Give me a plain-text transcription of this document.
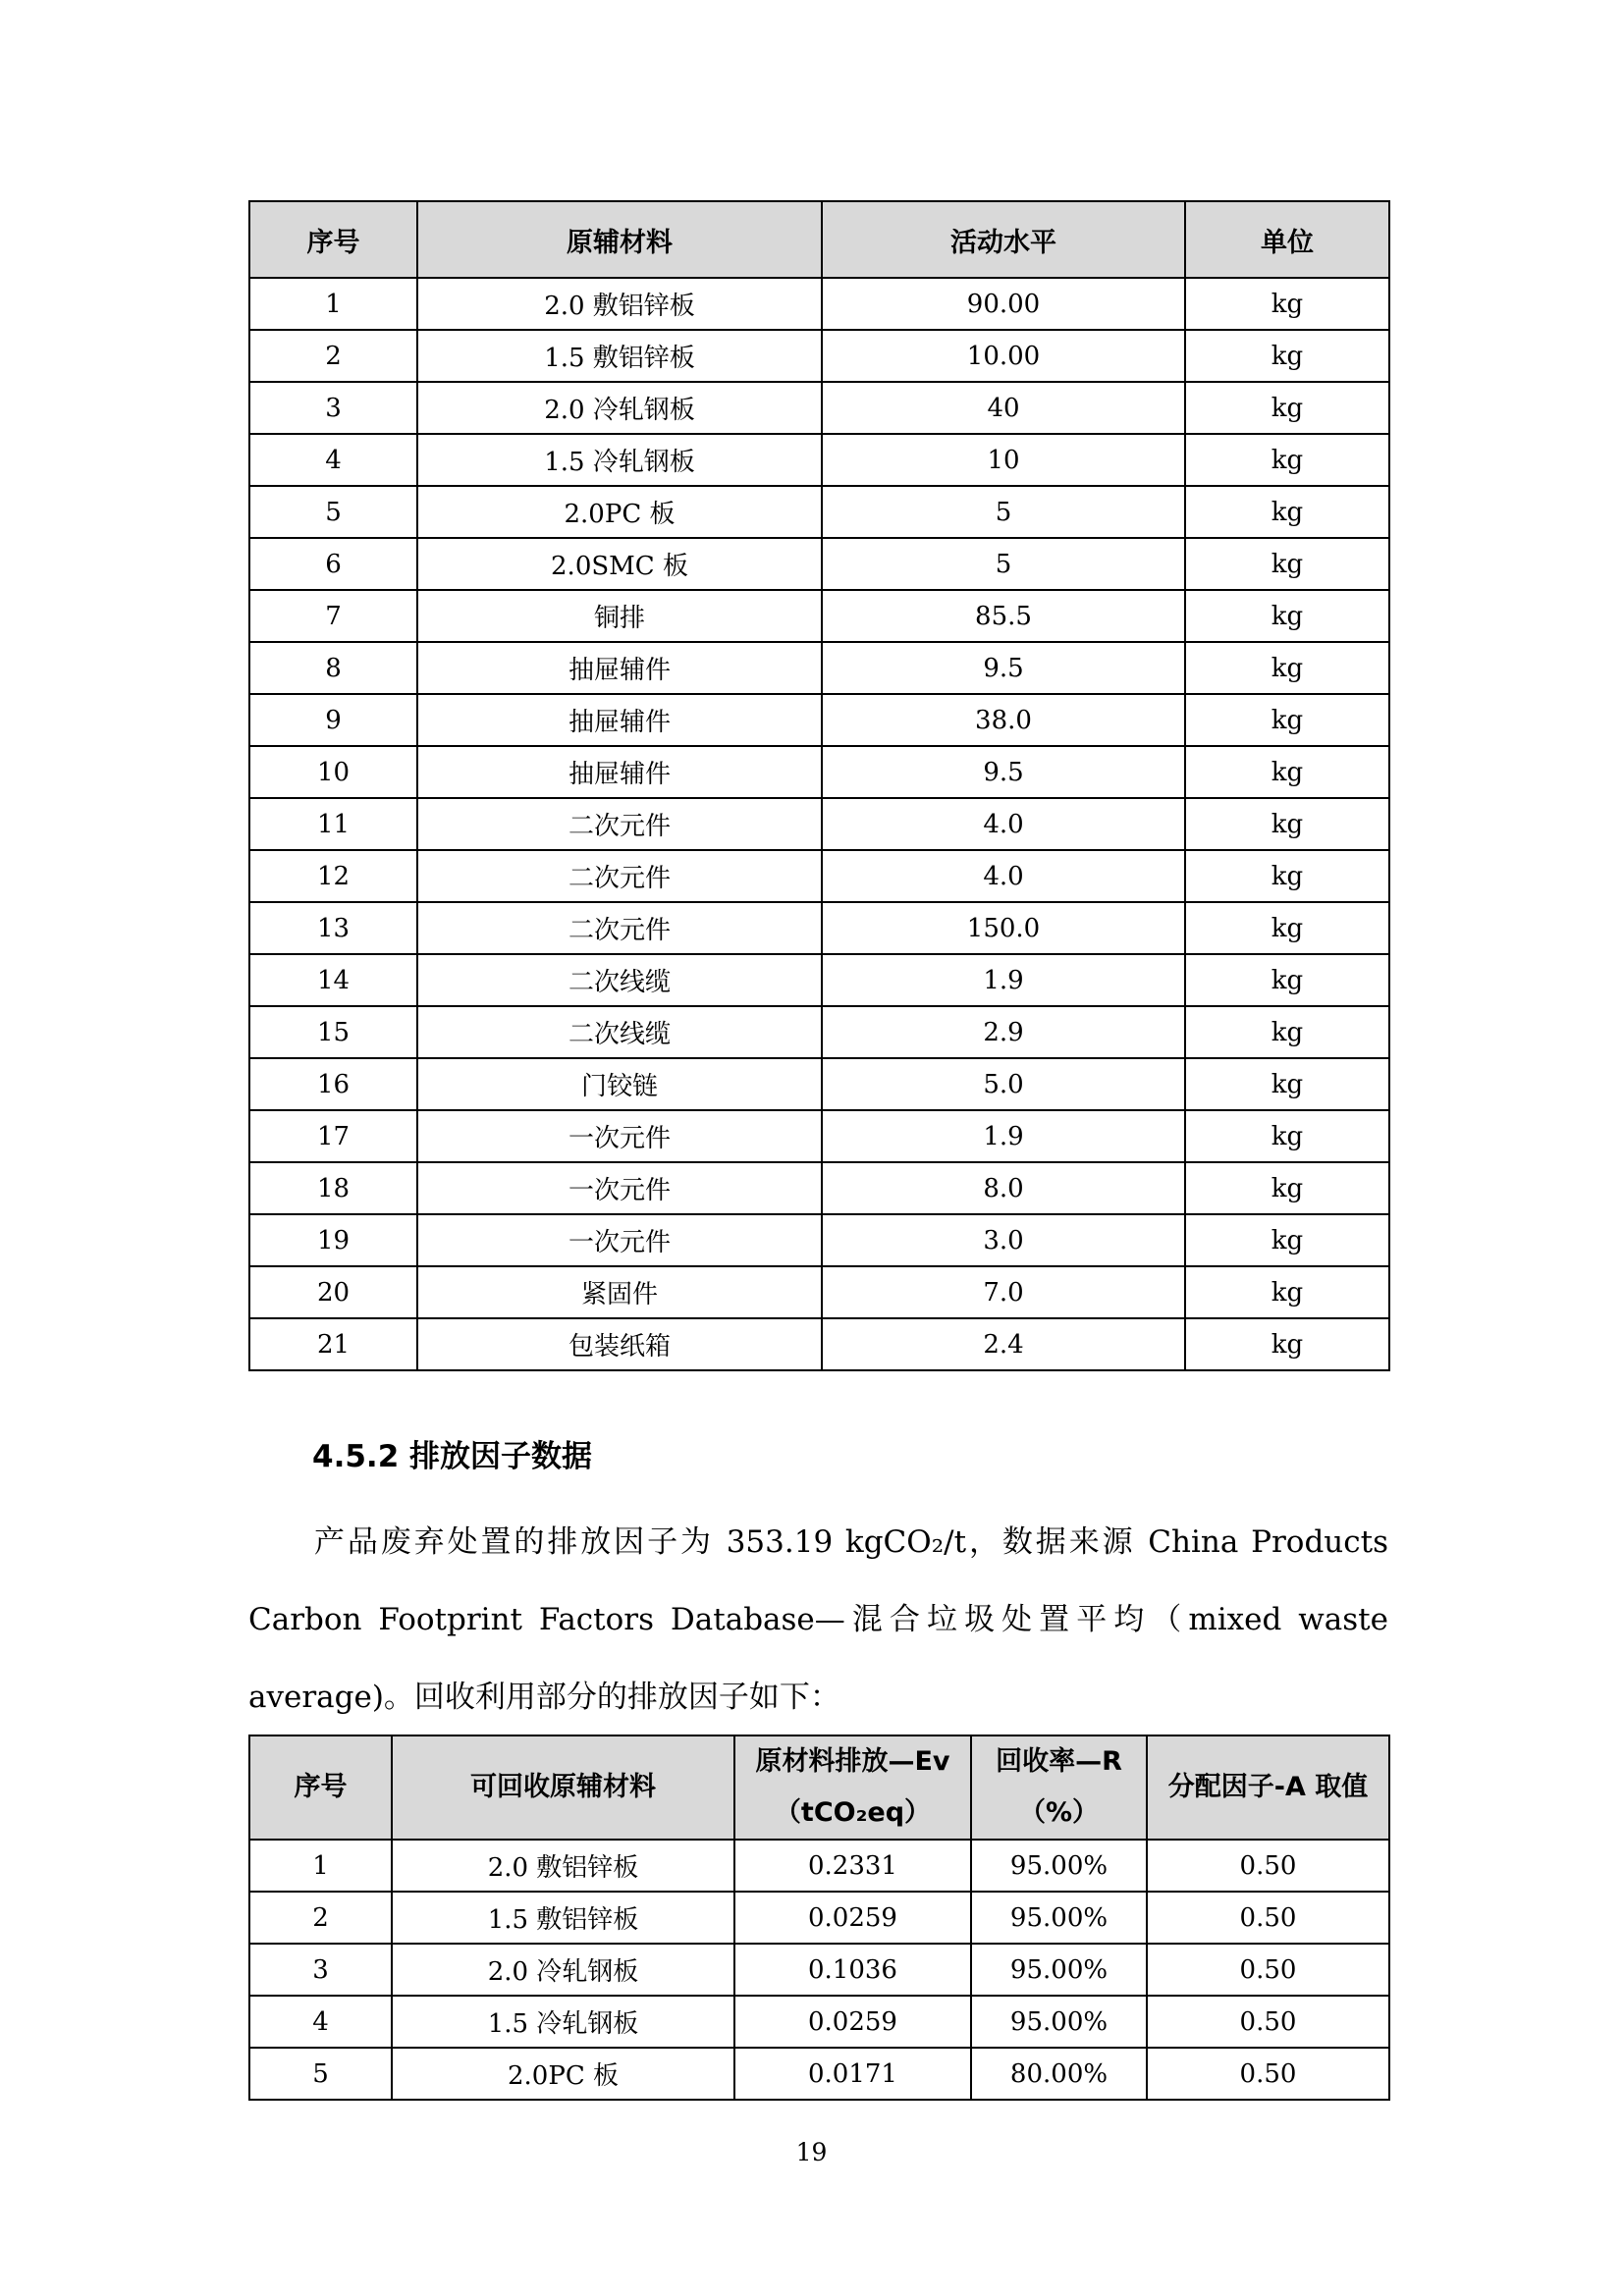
序号	原辅材料	活动水平	单位
1	2.0 敷铝锌板	90.00	kg
2	1.5 敷铝锌板	10.00	kg
3	2.0 冷轧钢板	40	kg
4	1.5 冷轧钢板	10	kg
5	2.0PC 板	5	kg
6	2.0SMC 板	5	kg
7	铜排	85.5	kg
8	抽屉辅件	9.5	kg
9	抽屉辅件	38.0	kg
10	抽屉辅件	9.5	kg
11	二次元件	4.0	kg
12	二次元件	4.0	kg
13	二次元件	150.0	kg
14	二次线缆	1.9	kg
15	二次线缆	2.9	kg
16	门铰链	5.0	kg
17	一次元件	1.9	kg
18	一次元件	8.0	kg
19	一次元件	3.0	kg
20	紧固件	7.0	kg
21	包装纸箱	2.4	kg
4.5.2 排放因子数据
产品废弃处置的排放因子为 353.19 kgCO₂/t，数据来源 China Products Carbon Footprint Factors Database—混合垃圾处置平均（mixed waste average)。回收利用部分的排放因子如下：
序号	可回收原辅材料	原材料排放—Ev（tCO₂eq）	回收率—R（%）	分配因子-A 取值
1	2.0 敷铝锌板	0.2331	95.00%	0.50
2	1.5 敷铝锌板	0.0259	95.00%	0.50
3	2.0 冷轧钢板	0.1036	95.00%	0.50
4	1.5 冷轧钢板	0.0259	95.00%	0.50
5	2.0PC 板	0.0171	80.00%	0.50
19
